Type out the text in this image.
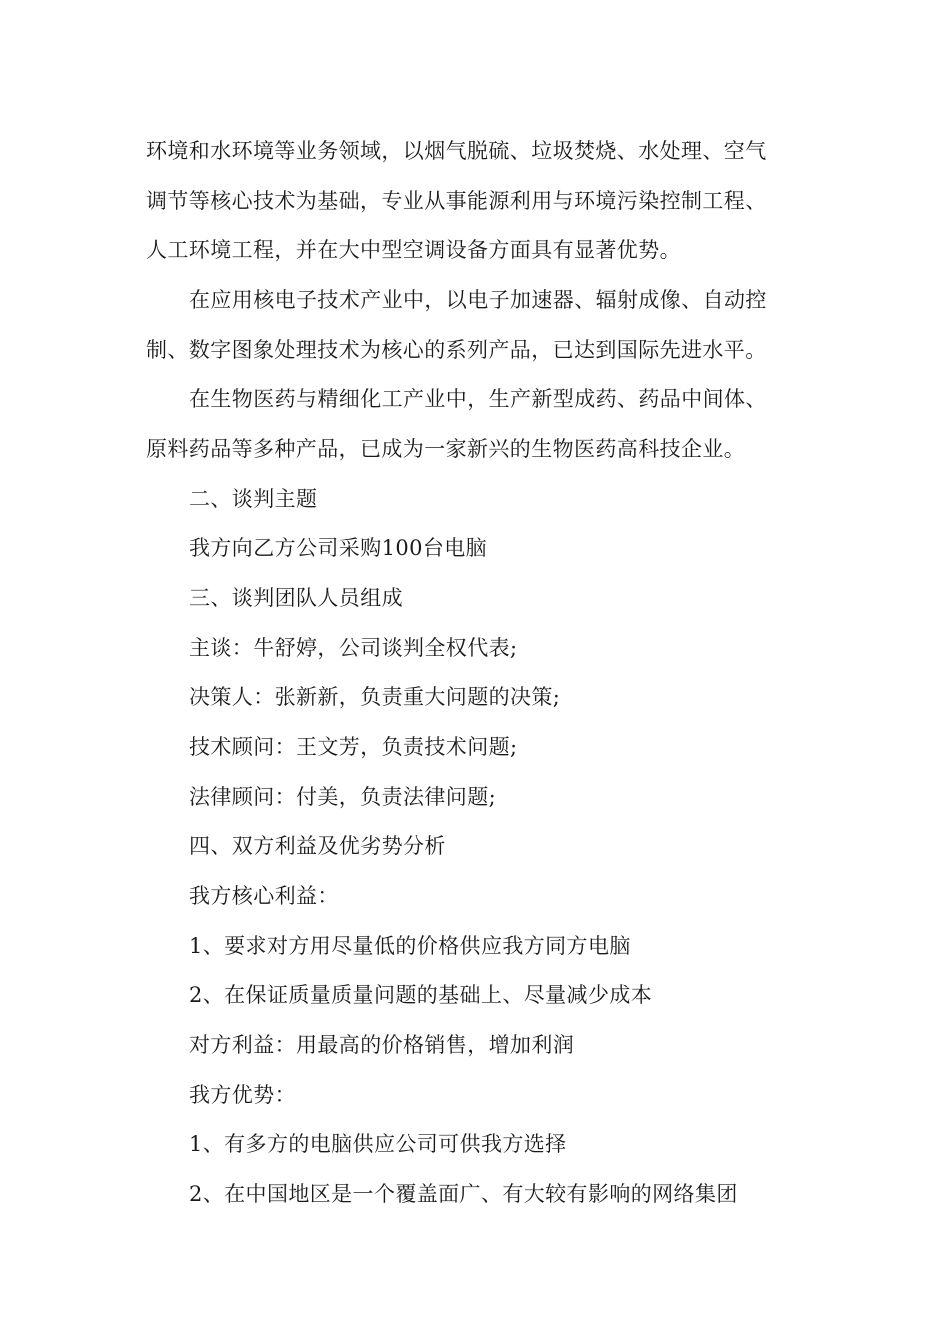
环境和水环境等业务领域，以烟气脱硫、垃圾焚烧、水处理、空气
调节等核心技术为基础，专业从事能源利用与环境污染控制工程、
人工环境工程，并在大中型空调设备方面具有显著优势。
在应用核电子技术产业中，以电子加速器、辐射成像、自动控
制、数字图象处理技术为核心的系列产品，已达到国际先进水平。
在生物医药与精细化工产业中，生产新型成药、药品中间体、
原料药品等多种产品，已成为一家新兴的生物医药高科技企业。
二、谈判主题
我方向乙方公司采购100台电脑
三、谈判团队人员组成
主谈：牛舒婷，公司谈判全权代表;
决策人：张新新，负责重大问题的决策;
技术顾问：王文芳，负责技术问题;
法律顾问：付美，负责法律问题;
四、双方利益及优劣势分析
我方核心利益：
1、要求对方用尽量低的价格供应我方同方电脑
2、在保证质量质量问题的基础上、尽量减少成本
对方利益：用最高的价格销售，增加利润
我方优势：
1、有多方的电脑供应公司可供我方选择
2、在中国地区是一个覆盖面广、有大较有影响的网络集团
